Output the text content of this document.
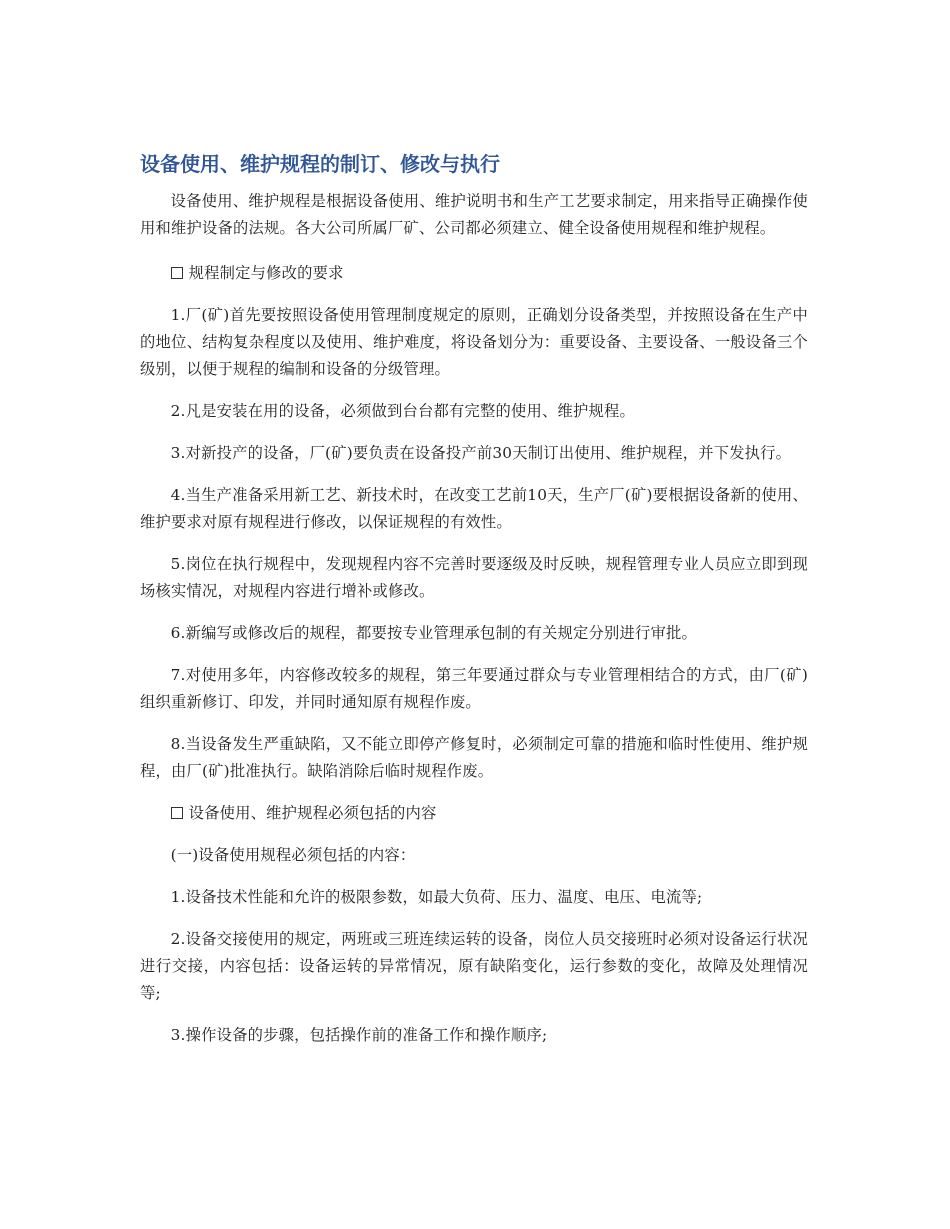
设备使用、维护规程的制订、修改与执行

设备使用、维护规程是根据设备使用、维护说明书和生产工艺要求制定，用来指导正确操作使用和维护设备的法规。各大公司所属厂矿、公司都必须建立、健全设备使用规程和维护规程。

规程制定与修改的要求

1.厂(矿)首先要按照设备使用管理制度规定的原则，正确划分设备类型，并按照设备在生产中的地位、结构复杂程度以及使用、维护难度，将设备划分为：重要设备、主要设备、一般设备三个级别，以便于规程的编制和设备的分级管理。

2.凡是安装在用的设备，必须做到台台都有完整的使用、维护规程。

3.对新投产的设备，厂(矿)要负责在设备投产前30天制订出使用、维护规程，并下发执行。

4.当生产准备采用新工艺、新技术时，在改变工艺前10天，生产厂(矿)要根据设备新的使用、维护要求对原有规程进行修改，以保证规程的有效性。

5.岗位在执行规程中，发现规程内容不完善时要逐级及时反映，规程管理专业人员应立即到现场核实情况，对规程内容进行增补或修改。

6.新编写或修改后的规程，都要按专业管理承包制的有关规定分别进行审批。

7.对使用多年，内容修改较多的规程，第三年要通过群众与专业管理相结合的方式，由厂(矿)组织重新修订、印发，并同时通知原有规程作废。

8.当设备发生严重缺陷，又不能立即停产修复时，必须制定可靠的措施和临时性使用、维护规程，由厂(矿)批准执行。缺陷消除后临时规程作废。

设备使用、维护规程必须包括的内容

(一)设备使用规程必须包括的内容：

1.设备技术性能和允许的极限参数，如最大负荷、压力、温度、电压、电流等;

2.设备交接使用的规定，两班或三班连续运转的设备，岗位人员交接班时必须对设备运行状况进行交接，内容包括：设备运转的异常情况，原有缺陷变化，运行参数的变化，故障及处理情况等;

3.操作设备的步骤，包括操作前的准备工作和操作顺序;
